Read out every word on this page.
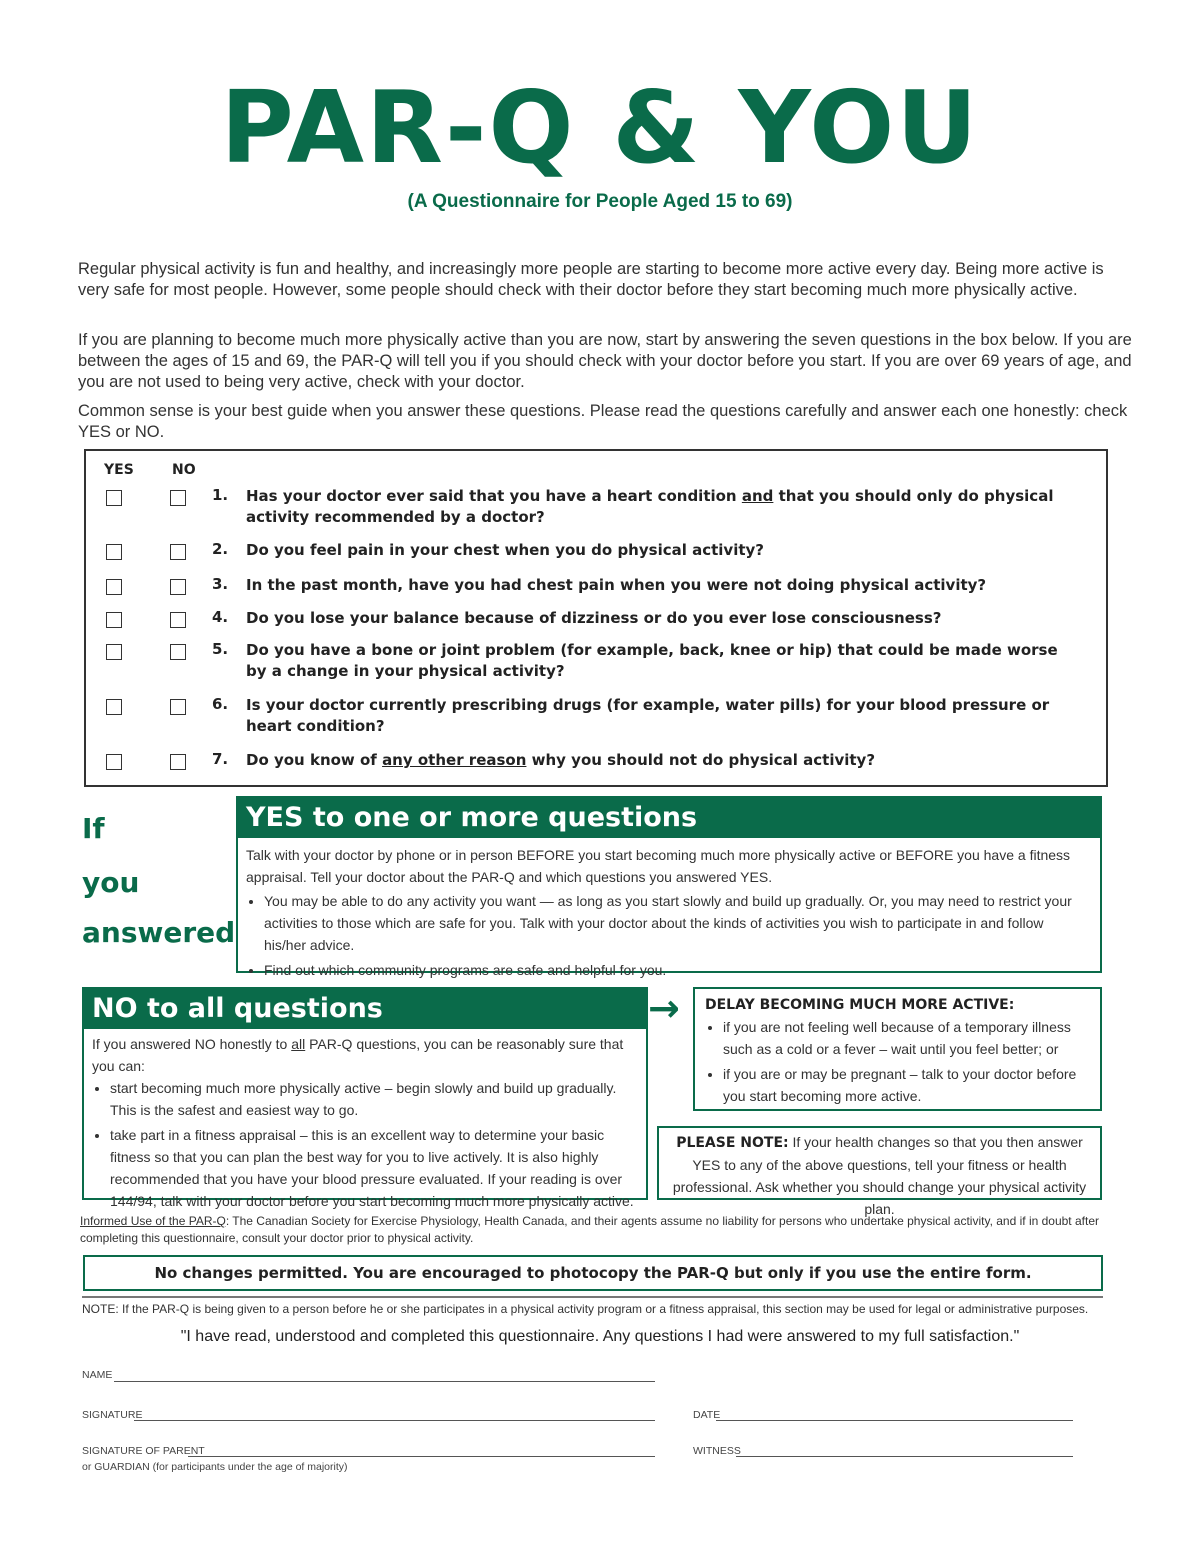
PAR-Q & YOU
(A Questionnaire for People Aged 15 to 69)

Regular physical activity is fun and healthy, and increasingly more people are starting to become more active every day. Being more active is very safe for most people. However, some people should check with their doctor before they start becoming much more physically active.

If you are planning to become much more physically active than you are now, start by answering the seven questions in the box below. If you are between the ages of 15 and 69, the PAR-Q will tell you if you should check with your doctor before you start. If you are over 69 years of age, and you are not used to being very active, check with your doctor.

Common sense is your best guide when you answer these questions. Please read the questions carefully and answer each one honestly: check YES or NO.

YES	NO
1. Has your doctor ever said that you have a heart condition and that you should only do physical activity recommended by a doctor?
2. Do you feel pain in your chest when you do physical activity?
3. In the past month, have you had chest pain when you were not doing physical activity?
4. Do you lose your balance because of dizziness or do you ever lose consciousness?
5. Do you have a bone or joint problem (for example, back, knee or hip) that could be made worse by a change in your physical activity?
6. Is your doctor currently prescribing drugs (for example, water pills) for your blood pressure or heart condition?
7. Do you know of any other reason why you should not do physical activity?
If
you
answered
YES to one or more questions
Talk with your doctor by phone or in person BEFORE you start becoming much more physically active or BEFORE you have a fitness appraisal. Tell your doctor about the PAR-Q and which questions you answered YES.
• You may be able to do any activity you want — as long as you start slowly and build up gradually. Or, you may need to restrict your activities to those which are safe for you. Talk with your doctor about the kinds of activities you wish to participate in and follow his/her advice.
• Find out which community programs are safe and helpful for you.
NO to all questions
If you answered NO honestly to all PAR-Q questions, you can be reasonably sure that you can:
• start becoming much more physically active – begin slowly and build up gradually. This is the safest and easiest way to go.
• take part in a fitness appraisal – this is an excellent way to determine your basic fitness so that you can plan the best way for you to live actively. It is also highly recommended that you have your blood pressure evaluated. If your reading is over 144/94, talk with your doctor before you start becoming much more physically active.
→ DELAY BECOMING MUCH MORE ACTIVE:
• if you are not feeling well because of a temporary illness such as a cold or a fever – wait until you feel better; or
• if you are or may be pregnant – talk to your doctor before you start becoming more active.
PLEASE NOTE: If your health changes so that you then answer YES to any of the above questions, tell your fitness or health professional. Ask whether you should change your physical activity plan.
Informed Use of the PAR-Q: The Canadian Society for Exercise Physiology, Health Canada, and their agents assume no liability for persons who undertake physical activity, and if in doubt after completing this questionnaire, consult your doctor prior to physical activity.
No changes permitted. You are encouraged to photocopy the PAR-Q but only if you use the entire form.
NOTE: If the PAR-Q is being given to a person before he or she participates in a physical activity program or a fitness appraisal, this section may be used for legal or administrative purposes.
"I have read, understood and completed this questionnaire. Any questions I had were answered to my full satisfaction."
NAME
SIGNATURE	DATE
SIGNATURE OF PARENT
or GUARDIAN (for participants under the age of majority)
WITNESS
